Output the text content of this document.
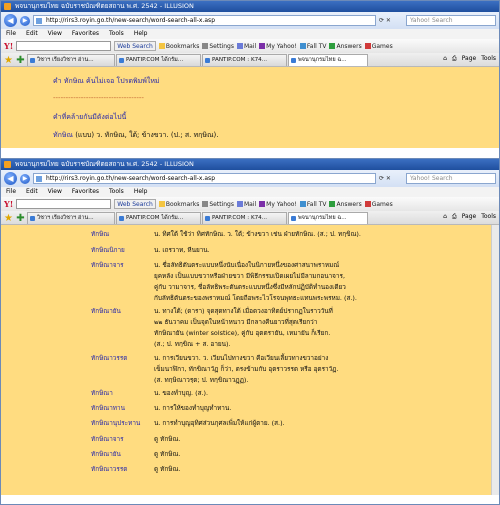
พจนานุกรมไทย ฉบับราชบัณฑิตยสถาน พ.ศ. 2542 - ILLUSION
◀	▶	http://rirs3.royin.go.th/new-search/word-search-all-x.asp	⟳ ✕	Yahoo! Search
File Edit View Favorites Tools Help
Y!	Web Search	Bookmarks	Settings	Mail	My Yahoo!	Fall TV	Answers	Games
★ ✚	วิชาฯ เรียงวิชาฯ ฮ่าน...	PANTIP.COM ได้กรัม...	PANTIP.COM : K74...	พจนานุกรมไทย ฉ...	⌂ ⎙ Page Tools
คำ ทักษิณ ค้นไม่เจอ โปรดพิมพ์ใหม่
------------------------------------
คำที่คล้ายกันมีดังต่อไปนี้
ทักษิณ (แบบ) ว. ทักษิณ, ใต้; ข้างขวา. (ป.; ส. ทกฺษิณ).
พจนานุกรมไทย ฉบับราชบัณฑิตยสถาน พ.ศ. 2542 - ILLUSION
◀	▶	http://rirs3.royin.go.th/new-search/word-search-all-x.asp	⟳ ✕	Yahoo! Search
File Edit View Favorites Tools Help
Y!	Web Search	Bookmarks	Settings	Mail	My Yahoo!	Fall TV	Answers	Games
★ ✚	วิชาฯ เรียงวิชาฯ ฮ่าน...	PANTIP.COM ได้กรัม...	PANTIP.COM : K74...	พจนานุกรมไทย ฉ...	⌂ ⎙ Page Tools
ทักษิณ	น. ทิศใต้ ใช้ว่า ทิศทักษิณ. ว. ใต้; ข้างขวา เช่น ฝ่ายทักษิณ. (ส.; ป. ทกฺขิณ).
ทักษิณนิกาย	น. เถรวาท, หีนยาน.
ทักษิณาจาร	น. ชื่อลัทธิตันตระแบบหนึ่งนับเนื่องในนิกายหนึ่งของศาสนาพราหมณ์
ยุคหลัง เป็นแบบขวาหรือฝ่ายขวา มีพิธีกรรมเปิดเผยไม่มีลามกอนาจาร,
คู่กับ วามาจาร, ชื่อลัทธิพระตันตระแบบหนึ่งซึ่งมีหลักปฏิบัติทำนองเดียว
กับลัทธิตันตระของพราหมณ์ โดยถือพระไวโรจนพุทธะแทนพระพรหม. (ส.).
ทักษิณายัน	น. ทางใต้; (ดารา) จุดสุดทางใต้ เมื่อดวงอาทิตย์ปรากฏในราววันที่
๒๒ ธันวาคม เป็นจุดในหน้าหนาว มีกลางคืนยาวที่สุดเรียกว่า
ทักษิณายัน (winter solstice), คู่กับ อุตตรายัน, เหมายัน ก็เรียก.
(ส.; ป. ทกฺขิณ + ส. อายน).
ทักษิณาวรรต	น. การเวียนขวา. ว. เวียนไปทางขวา คือเวียนเลี้ยวทางขวาอย่าง
เข็มนาฬิกา, ทักขิณาวัฏ ก็ว่า, ตรงข้ามกับ อุตราวรรต หรือ อุตราวัฏ.
(ส. ทกฺษิณาวรฺต; ป. ทกฺขิณาวฏฺฏ).
ทักษิณา	น. ของทำบุญ. (ส.).
ทักษิณาทาน	น. การให้ของทำบุญทำทาน.
ทักษิณานุประทาน น. การทำบุญอุทิศส่วนกุศลเพิ่มให้แก่ผู้ตาย. (ส.).
ทักษิณาจาร	ดู ทักษิณ.
ทักษิณายัน	ดู ทักษิณ.
ทักษิณาวรรต	ดู ทักษิณ.
